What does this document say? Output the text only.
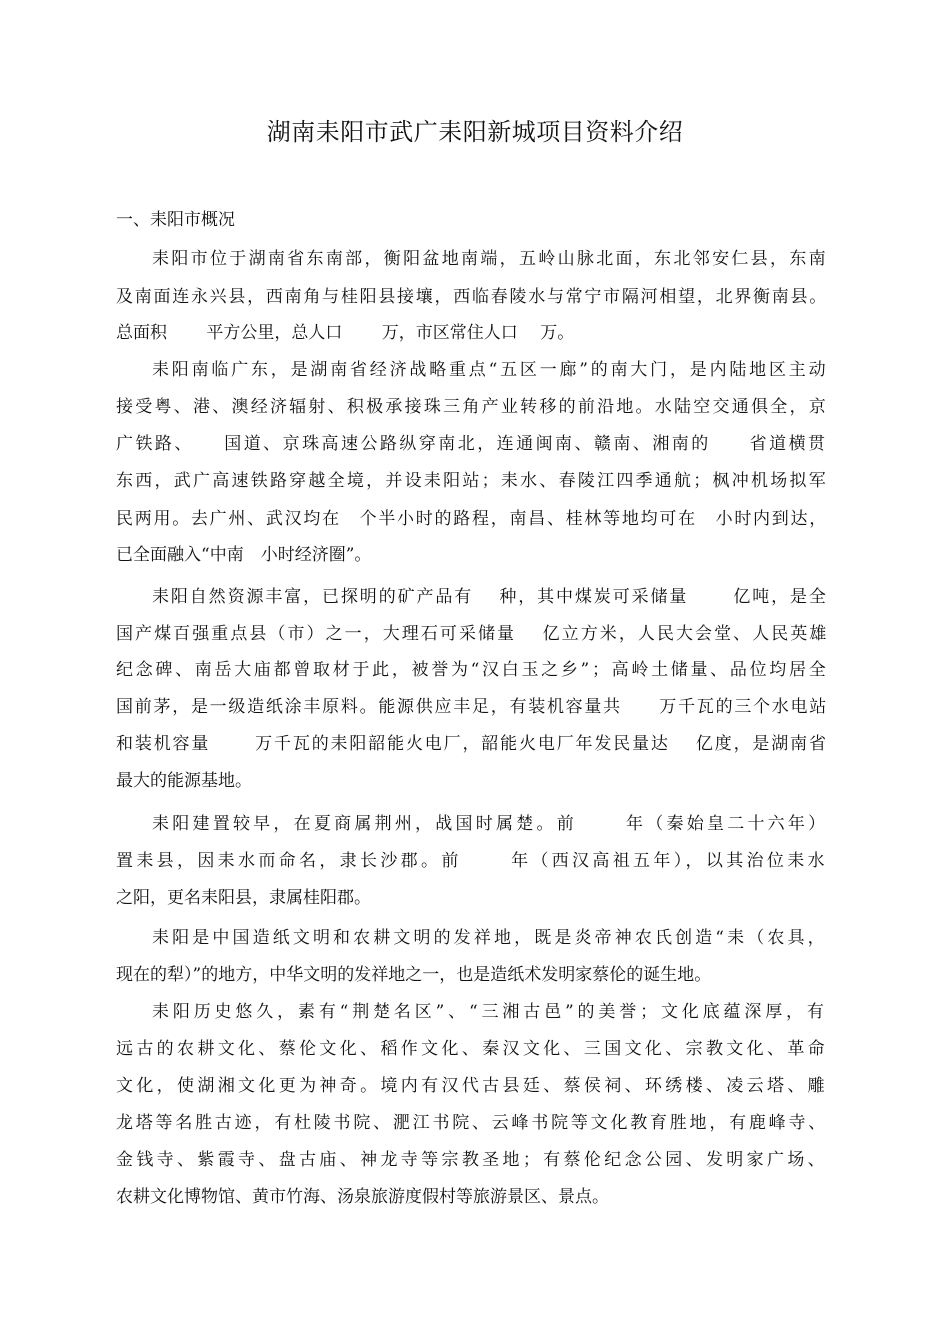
湖南耒阳市武广耒阳新城项目资料介绍
一、耒阳市概况
耒阳市位于湖南省东南部，衡阳盆地南端，五岭山脉北面，东北邻安仁县，东南
及南面连永兴县，西南角与桂阳县接壤，西临春陵水与常宁市隔河相望，北界衡南县。
总面积　　 平方公里，总人口　　 万，市区常住人口　 万。
耒阳南临广东，是湖南省经济战略重点“五区一廊”的南大门，是内陆地区主动
接受粤、港、澳经济辐射、积极承接珠三角产业转移的前沿地。水陆空交通俱全，京
广铁路、　　国道、京珠高速公路纵穿南北，连通闽南、赣南、湘南的　　省道横贯
东西，武广高速铁路穿越全境，并设耒阳站；耒水、春陵江四季通航；枫冲机场拟军
民两用。去广州、武汉均在　个半小时的路程，南昌、桂林等地均可在　小时内到达，
已全面融入“中南　小时经济圈”。
耒阳自然资源丰富，已探明的矿产品有　 种，其中煤炭可采储量　　 亿吨，是全
国产煤百强重点县（市）之一，大理石可采储量　 亿立方米，人民大会堂、人民英雄
纪念碑、南岳大庙都曾取材于此，被誉为“汉白玉之乡”；高岭土储量、品位均居全
国前茅，是一级造纸涂丰原料。能源供应丰足，有装机容量共　　万千瓦的三个水电站
和装机容量　　 万千瓦的耒阳韶能火电厂，韶能火电厂年发民量达　 亿度，是湖南省
最大的能源基地。
耒阳建置较早，在夏商属荆州，战国时属楚。前　　 年（秦始皇二十六年）
置耒县，因耒水而命名，隶长沙郡。前　　 年（西汉高祖五年），以其治位耒水
之阳，更名耒阳县，隶属桂阳郡。
耒阳是中国造纸文明和农耕文明的发祥地，既是炎帝神农氏创造“耒（农具，
现在的犁）”的地方，中华文明的发祥地之一，也是造纸术发明家蔡伦的诞生地。
耒阳历史悠久，素有“荆楚名区”、“三湘古邑”的美誉；文化底蕴深厚，有
远古的农耕文化、蔡伦文化、稻作文化、秦汉文化、三国文化、宗教文化、革命
文化，使湖湘文化更为神奇。境内有汉代古县廷、蔡侯祠、环绣楼、凌云塔、雕
龙塔等名胜古迹，有杜陵书院、淝江书院、云峰书院等文化教育胜地，有鹿峰寺、
金钱寺、紫霞寺、盘古庙、神龙寺等宗教圣地；有蔡伦纪念公园、发明家广场、
农耕文化博物馆、黄市竹海、汤泉旅游度假村等旅游景区、景点。
